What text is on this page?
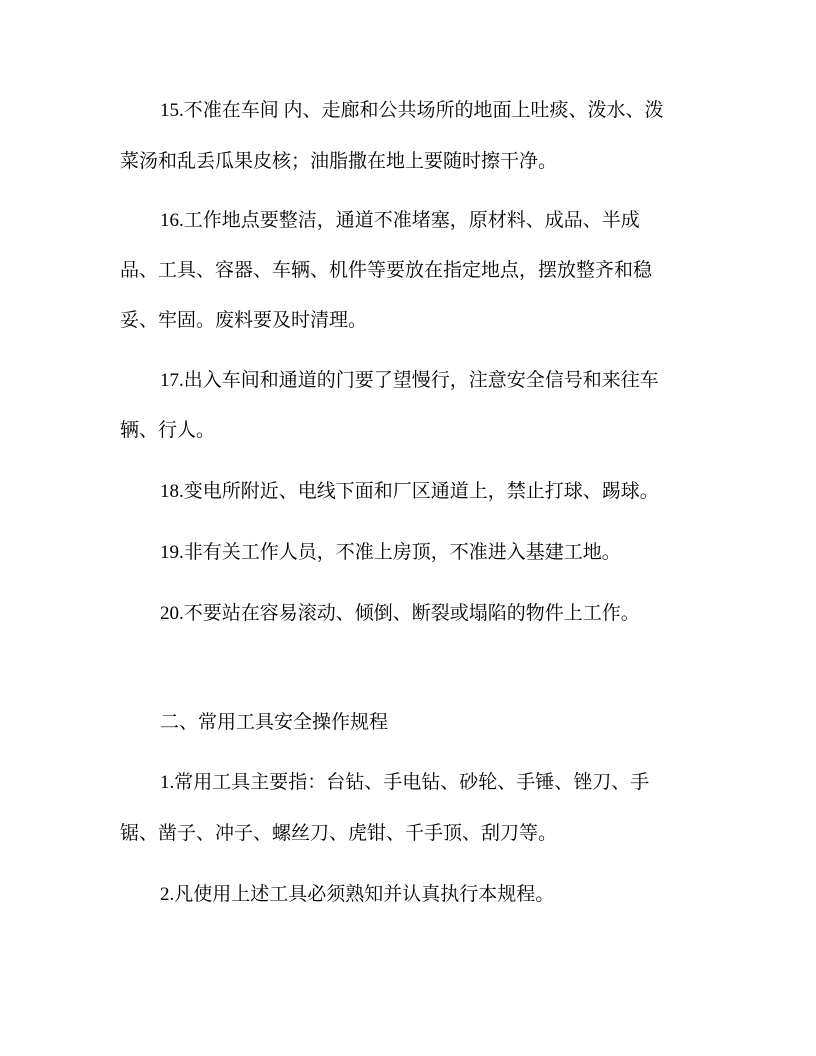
15.不准在车间 内、走廊和公共场所的地面上吐痰、泼水、泼
菜汤和乱丢瓜果皮核；油脂撒在地上要随时擦干净。
16.工作地点要整洁，通道不准堵塞，原材料、成品、半成
品、工具、容器、车辆、机件等要放在指定地点，摆放整齐和稳
妥、牢固。废料要及时清理。
17.出入车间和通道的门要了望慢行，注意安全信号和来往车
辆、行人。
18.变电所附近、电线下面和厂区通道上，禁止打球、踢球。
19.非有关工作人员，不准上房顶，不准进入基建工地。
20.不要站在容易滚动、倾倒、断裂或塌陷的物件上工作。
二、常用工具安全操作规程
1.常用工具主要指：台钻、手电钻、砂轮、手锤、锉刀、手
锯、凿子、冲子、螺丝刀、虎钳、千手顶、刮刀等。
2.凡使用上述工具必须熟知并认真执行本规程。
